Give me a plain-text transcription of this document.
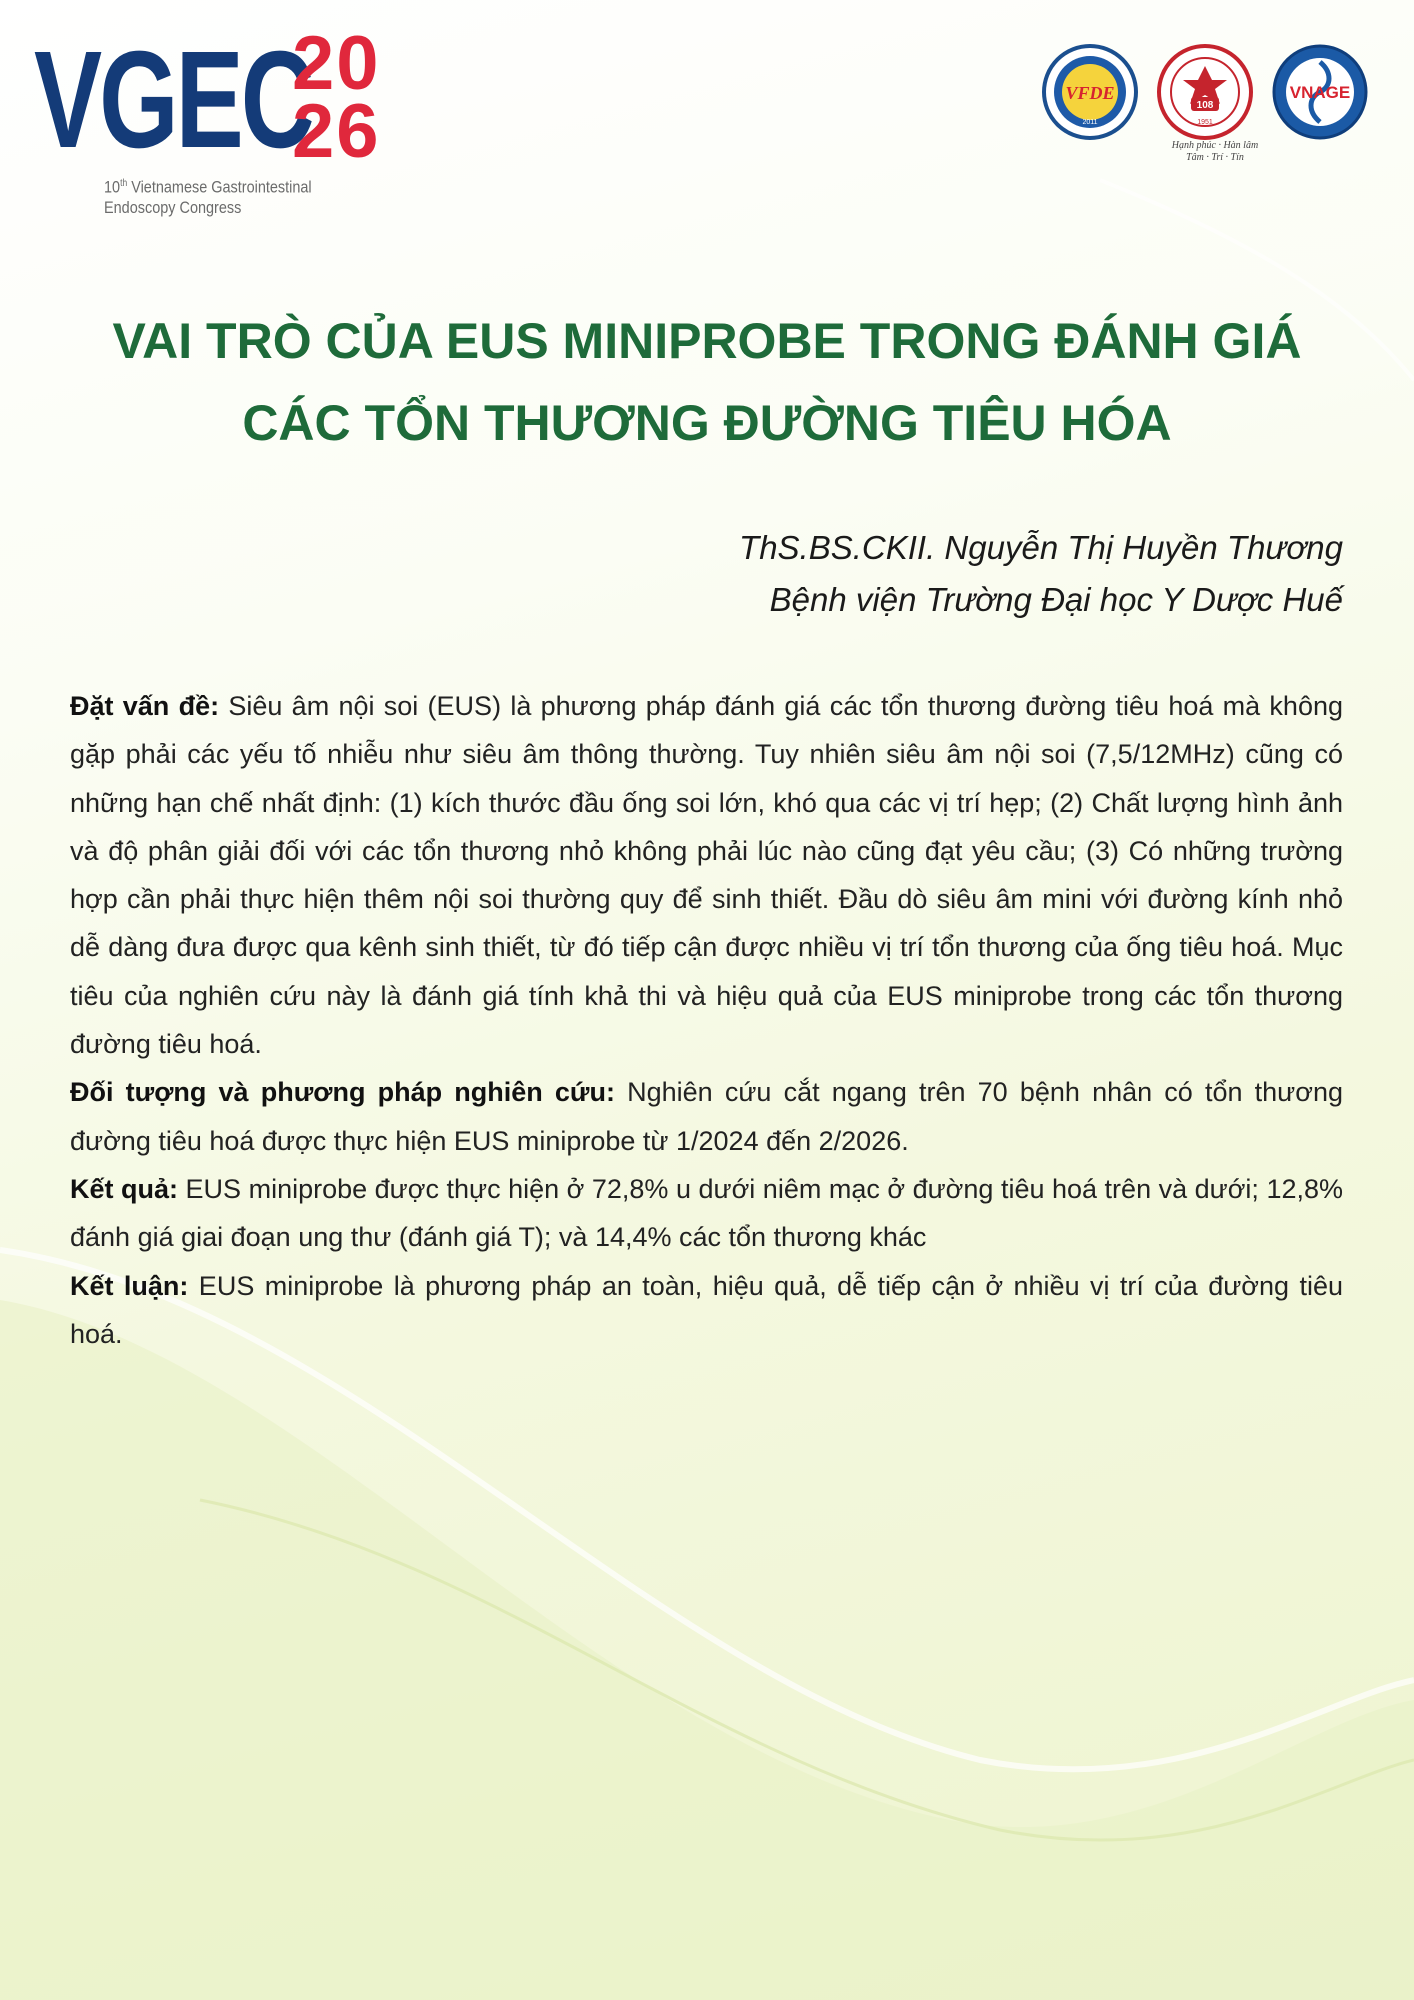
VGEC
20
26
10th Vietnamese Gastrointestinal
Endoscopy Congress
VFDE
2011
108
1951
Hạnh phúc · Hàn lâm
Tâm · Trí · Tín
VNAGE
VAI TRÒ CỦA EUS MINIPROBE TRONG ĐÁNH GIÁ
CÁC TỔN THƯƠNG ĐƯỜNG TIÊU HÓA
ThS.BS.CKII. Nguyễn Thị Huyền Thương
Bệnh viện Trường Đại học Y Dược Huế

Đặt vấn đề: Siêu âm nội soi (EUS) là phương pháp đánh giá các tổn thương đường tiêu hoá mà không gặp phải các yếu tố nhiễu như siêu âm thông thường. Tuy nhiên siêu âm nội soi (7,5/12MHz) cũng có những hạn chế nhất định: (1) kích thước đầu ống soi lớn, khó qua các vị trí hẹp; (2) Chất lượng hình ảnh và độ phân giải đối với các tổn thương nhỏ không phải lúc nào cũng đạt yêu cầu; (3) Có những trường hợp cần phải thực hiện thêm nội soi thường quy để sinh thiết. Đầu dò siêu âm mini với đường kính nhỏ dễ dàng đưa được qua kênh sinh thiết, từ đó tiếp cận được nhiều vị trí tổn thương của ống tiêu hoá. Mục tiêu của nghiên cứu này là đánh giá tính khả thi và hiệu quả của EUS miniprobe trong các tổn thương đường tiêu hoá.

Đối tượng và phương pháp nghiên cứu: Nghiên cứu cắt ngang trên 70 bệnh nhân có tổn thương đường tiêu hoá được thực hiện EUS miniprobe từ 1/2024 đến 2/2026.

Kết quả: EUS miniprobe được thực hiện ở 72,8% u dưới niêm mạc ở đường tiêu hoá trên và dưới; 12,8% đánh giá giai đoạn ung thư (đánh giá T); và 14,4% các tổn thương khác

Kết luận: EUS miniprobe là phương pháp an toàn, hiệu quả, dễ tiếp cận ở nhiều vị trí của đường tiêu hoá.
